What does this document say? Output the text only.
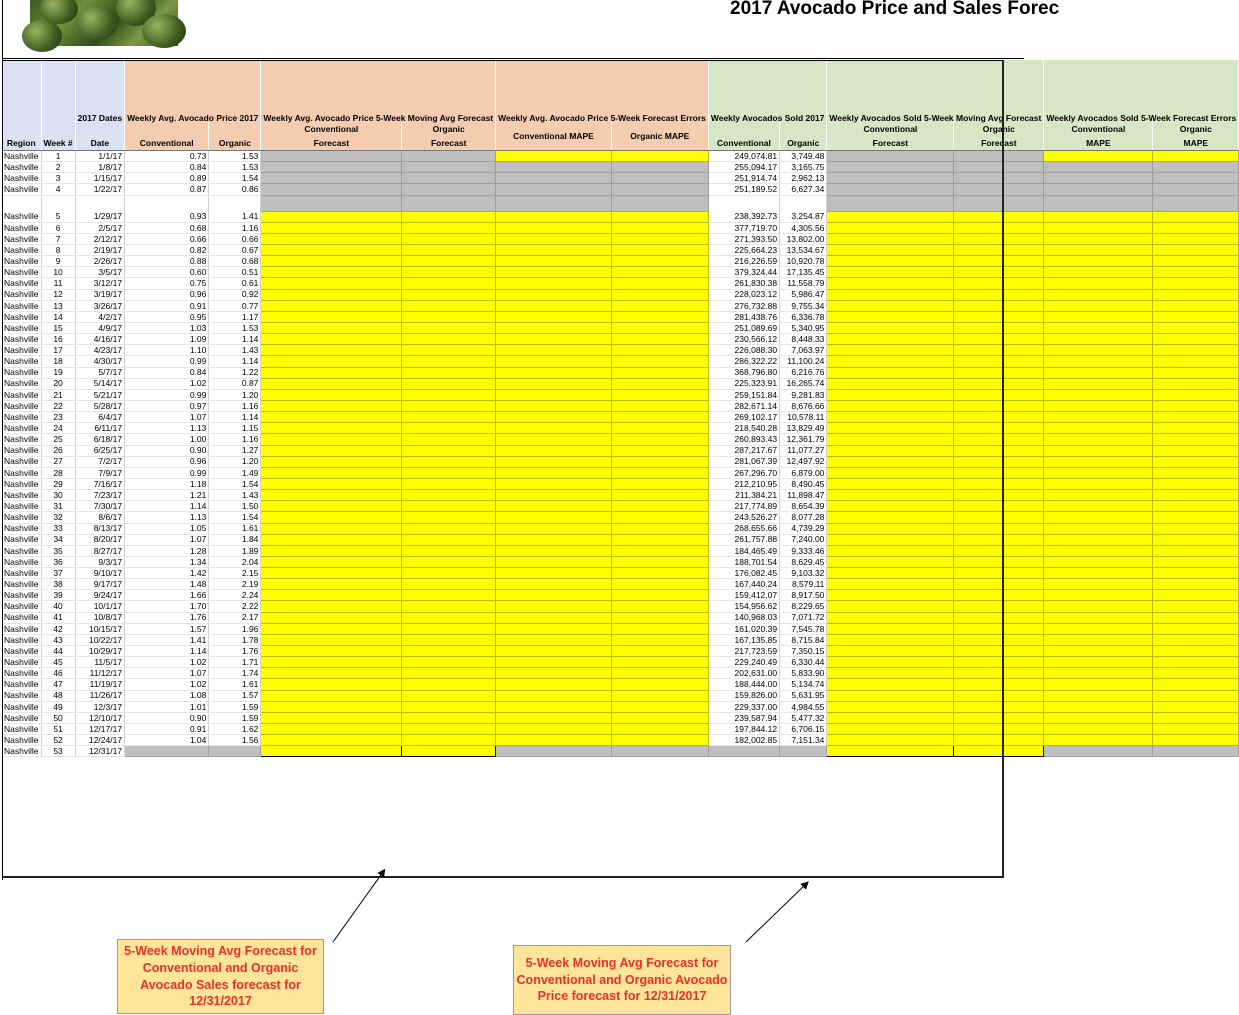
2017 Avocado Price and Sales Forec
		2017 Dates	Weekly Avg. Avocado Price 2017		Weekly Avg. Avocado Price 5-Week Moving Avg Forecast		Weekly Avg. Avocado Price 5-Week Forecast Errors		Weekly Avocados Sold 2017		Weekly Avocados Sold 5-Week Moving Avg Forecast		Weekly Avocados Sold 5-Week Forecast Errors	
					Conventional	Organic	Conventional MAPE	Organic MAPE			Conventional	Organic	Conventional	Organic
Region	Week #	Date	Conventional	Organic	Forecast	Forecast			Conventional	Organic	Forecast	Forecast	MAPE	MAPE
Nashville	1	1/1/17	0.73	1.53					249,074.81	3,749.48				
Nashville	2	1/8/17	0.84	1.53					255,094.17	3,165.75				
Nashville	3	1/15/17	0.89	1.54					251,914.74	2,962.13				
Nashville	4	1/22/17	0.87	0.86					251,189.52	6,627.34				

Nashville	5	1/29/17	0.93	1.41					238,392.73	3,254.87				
Nashville	6	2/5/17	0.68	1.16					377,719.70	4,305.56				
Nashville	7	2/12/17	0.66	0.66					271,393.50	13,802.00				
Nashville	8	2/19/17	0.82	0.67					225,664.23	13,534.67				
Nashville	9	2/26/17	0.88	0.68					216,226.59	10,920.78				
Nashville	10	3/5/17	0.60	0.51					379,324.44	17,135.45				
Nashville	11	3/12/17	0.75	0.61					261,830.38	11,558.79				
Nashville	12	3/19/17	0.96	0.92					228,023.12	5,986.47				
Nashville	13	3/26/17	0.91	0.77					276,732.88	9,755.34				
Nashville	14	4/2/17	0.95	1.17					281,438.76	6,336.78				
Nashville	15	4/9/17	1.03	1.53					251,089.69	5,340.95				
Nashville	16	4/16/17	1.09	1.14					230,566.12	8,448.33				
Nashville	17	4/23/17	1.10	1.43					226,088.30	7,063.97				
Nashville	18	4/30/17	0.99	1.14					286,322.22	11,100.24				
Nashville	19	5/7/17	0.84	1.22					368,796.80	6,216.76				
Nashville	20	5/14/17	1.02	0.87					225,323.91	16,265.74				
Nashville	21	5/21/17	0.99	1.20					259,151.84	9,281.83				
Nashville	22	5/28/17	0.97	1.16					282,671.14	8,676.66				
Nashville	23	6/4/17	1.07	1.14					269,102.17	10,578.11				
Nashville	24	6/11/17	1.13	1.15					218,540.28	13,829.49				
Nashville	25	6/18/17	1.00	1.16					260,893.43	12,361.79				
Nashville	26	6/25/17	0.90	1.27					287,217.67	11,077.27				
Nashville	27	7/2/17	0.96	1.20					281,067.39	12,497.92				
Nashville	28	7/9/17	0.99	1.49					267,296.70	6,879.00				
Nashville	29	7/16/17	1.18	1.54					212,210.95	8,490.45				
Nashville	30	7/23/17	1.21	1.43					211,384.21	11,898.47				
Nashville	31	7/30/17	1.14	1.50					217,774.89	8,654.39				
Nashville	32	8/6/17	1.13	1.54					243,526.27	8,077.28				
Nashville	33	8/13/17	1.05	1.61					268,655.66	4,739.29				
Nashville	34	8/20/17	1.07	1.84					261,757.88	7,240.00				
Nashville	35	8/27/17	1.28	1.89					184,465.49	9,333.46				
Nashville	36	9/3/17	1.34	2.04					188,701.54	8,629.45				
Nashville	37	9/10/17	1.42	2.15					176,082.45	9,103.32				
Nashville	38	9/17/17	1.48	2.19					167,440.24	8,579.11				
Nashville	39	9/24/17	1.66	2.24					159,412.07	8,917.50				
Nashville	40	10/1/17	1.70	2.22					154,956.62	8,229.65				
Nashville	41	10/8/17	1.76	2.17					140,968.03	7,071.72				
Nashville	42	10/15/17	1.57	1.96					161,020.39	7,545.78				
Nashville	43	10/22/17	1.41	1.78					167,135.85	8,715.84				
Nashville	44	10/29/17	1.14	1.76					217,723.59	7,350.15				
Nashville	45	11/5/17	1.02	1.71					229,240.49	6,330.44				
Nashville	46	11/12/17	1.07	1.74					202,631.00	5,833.90				
Nashville	47	11/19/17	1.02	1.61					188,444.00	5,134.74				
Nashville	48	11/26/17	1.08	1.57					159,826.00	5,631.95				
Nashville	49	12/3/17	1.01	1.59					229,337.00	4,984.55				
Nashville	50	12/10/17	0.90	1.59					239,587.94	5,477.32				
Nashville	51	12/17/17	0.91	1.62					197,844.12	6,706.15				
Nashville	52	12/24/17	1.04	1.56					182,002.85	7,151.34				
Nashville	53	12/31/17												
5-Week Moving Avg Forecast for Conventional and Organic Avocado Sales forecast for 12/31/2017
5-Week Moving Avg Forecast for Conventional and Organic Avocado Price forecast for 12/31/2017
